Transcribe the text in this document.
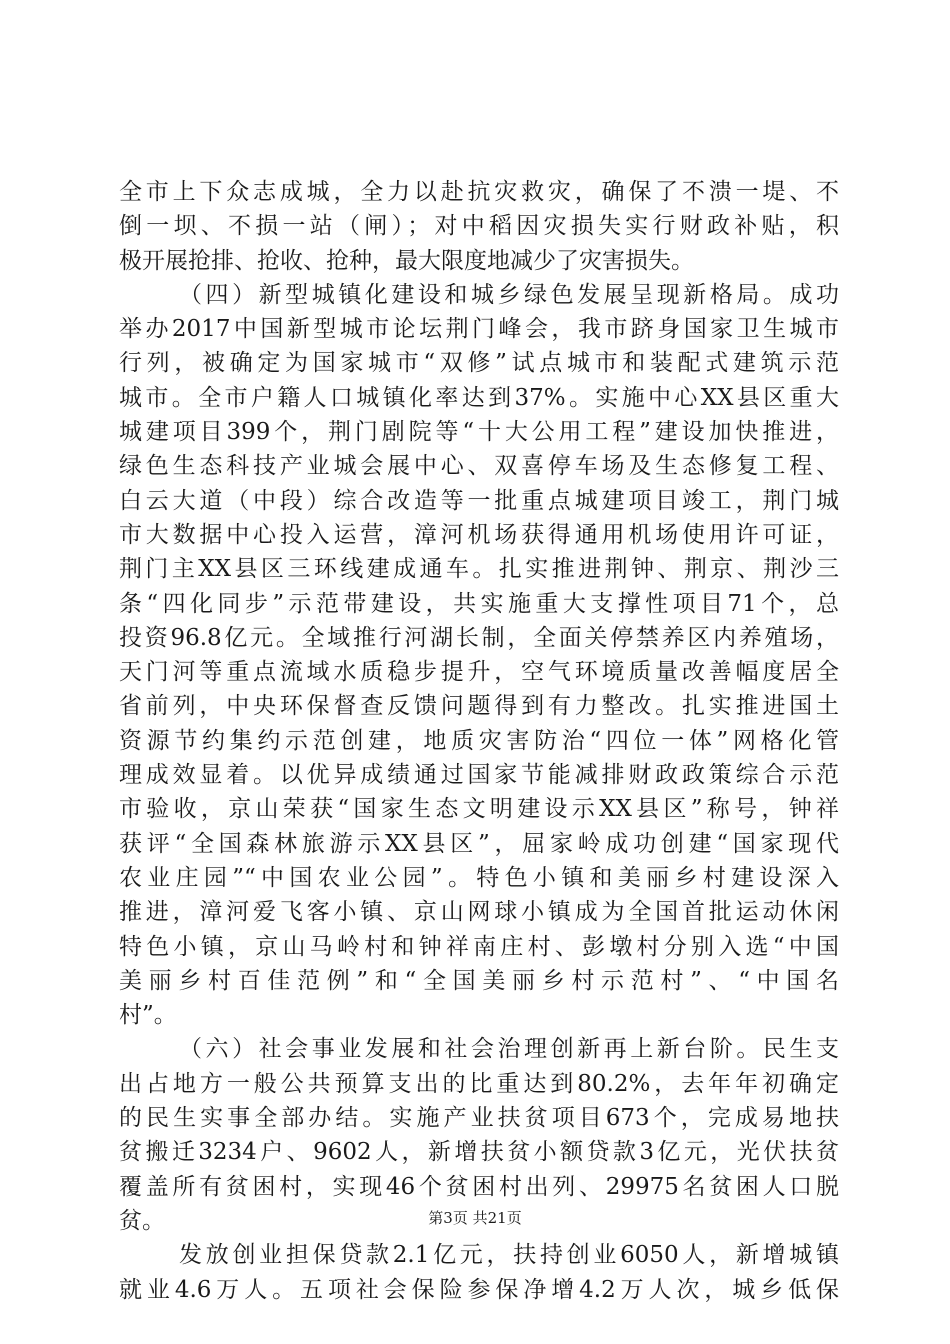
全市上下众志成城，全力以赴抗灾救灾，确保了不溃一堤、不
倒一坝、不损一站（闸）；对中稻因灾损失实行财政补贴，积
极开展抢排、抢收、抢种，最大限度地减少了灾害损失。
（四）新型城镇化建设和城乡绿色发展呈现新格局。成功
举办2017中国新型城市论坛荆门峰会，我市跻身国家卫生城市
行列，被确定为国家城市“双修”试点城市和装配式建筑示范
城市。全市户籍人口城镇化率达到37%。实施中心XX县区重大
城建项目399个，荆门剧院等“十大公用工程”建设加快推进，
绿色生态科技产业城会展中心、双喜停车场及生态修复工程、
白云大道（中段）综合改造等一批重点城建项目竣工，荆门城
市大数据中心投入运营，漳河机场获得通用机场使用许可证，
荆门主XX县区三环线建成通车。扎实推进荆钟、荆京、荆沙三
条“四化同步”示范带建设，共实施重大支撑性项目71个，总
投资96.8亿元。全域推行河湖长制，全面关停禁养区内养殖场，
天门河等重点流域水质稳步提升，空气环境质量改善幅度居全
省前列，中央环保督查反馈问题得到有力整改。扎实推进国土
资源节约集约示范创建，地质灾害防治“四位一体”网格化管
理成效显着。以优异成绩通过国家节能减排财政政策综合示范
市验收，京山荣获“国家生态文明建设示XX县区”称号，钟祥
获评“全国森林旅游示XX县区”，屈家岭成功创建“国家现代
农业庄园”“中国农业公园”。特色小镇和美丽乡村建设深入
推进，漳河爱飞客小镇、京山网球小镇成为全国首批运动休闲
特色小镇，京山马岭村和钟祥南庄村、彭墩村分别入选“中国
美丽乡村百佳范例”和“全国美丽乡村示范村”、“中国名
村”。
（六）社会事业发展和社会治理创新再上新台阶。民生支
出占地方一般公共预算支出的比重达到80.2%，去年年初确定
的民生实事全部办结。实施产业扶贫项目673个，完成易地扶
贫搬迁3234户、9602人，新增扶贫小额贷款3亿元，光伏扶贫
覆盖所有贫困村，实现46个贫困村出列、29975名贫困人口脱
贫。
发放创业担保贷款2.1亿元，扶持创业6050人，新增城镇
就业4.6万人。五项社会保险参保净增4.2万人次，城乡低保
第3页 共21页
